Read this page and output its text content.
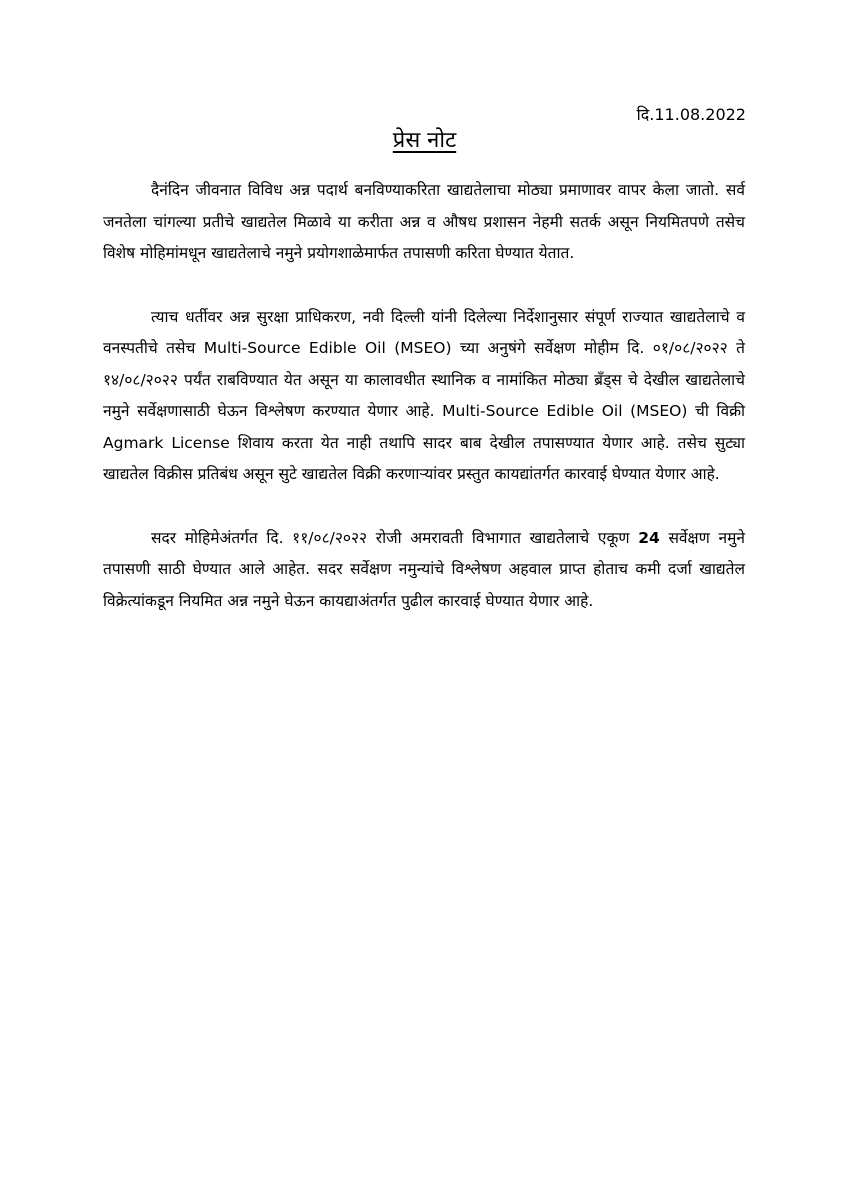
दि.11.08.2022
प्रेस नोट

दैनंदिन जीवनात विविध अन्न पदार्थ बनविण्याकरिता खाद्यतेलाचा मोठ्या प्रमाणावर वापर केला जातो. सर्व जनतेला चांगल्या प्रतीचे खाद्यतेल मिळावे या करीता अन्न व औषध प्रशासन नेहमी सतर्क असून नियमितपणे तसेच विशेष मोहिमांमधून खाद्यतेलाचे नमुने प्रयोगशाळेमार्फत तपासणी करिता घेण्यात येतात.

त्याच धर्तीवर अन्न सुरक्षा प्राधिकरण, नवी दिल्ली यांनी दिलेल्या निर्देशानुसार संपूर्ण राज्यात खाद्यतेलाचे व वनस्पतीचे तसेच Multi-Source Edible Oil (MSEO) च्या अनुषंगे सर्वेक्षण मोहीम दि. ०१/०८/२०२२ ते १४/०८/२०२२ पर्यंत राबविण्यात येत असून या कालावधीत स्थानिक व नामांकित मोठ्या ब्रँड्स चे देखील खाद्यतेलाचे नमुने सर्वेक्षणासाठी घेऊन विश्लेषण करण्यात येणार आहे. Multi-Source Edible Oil (MSEO) ची विक्री Agmark License शिवाय करता येत नाही तथापि सादर बाब देखील तपासण्यात येणार आहे. तसेच सुट्या खाद्यतेल विक्रीस प्रतिबंध असून सुटे खाद्यतेल विक्री करणाऱ्यांवर प्रस्तुत कायद्यांतर्गत कारवाई घेण्यात येणार आहे.

सदर मोहिमेअंतर्गत दि. ११/०८/२०२२ रोजी अमरावती विभागात खाद्यतेलाचे एकूण 24 सर्वेक्षण नमुने तपासणी साठी घेण्यात आले आहेत. सदर सर्वेक्षण नमुन्यांचे विश्लेषण अहवाल प्राप्त होताच कमी दर्जा खाद्यतेल विक्रेत्यांकडून नियमित अन्न नमुने घेऊन कायद्याअंतर्गत पुढील कारवाई घेण्यात येणार आहे.
